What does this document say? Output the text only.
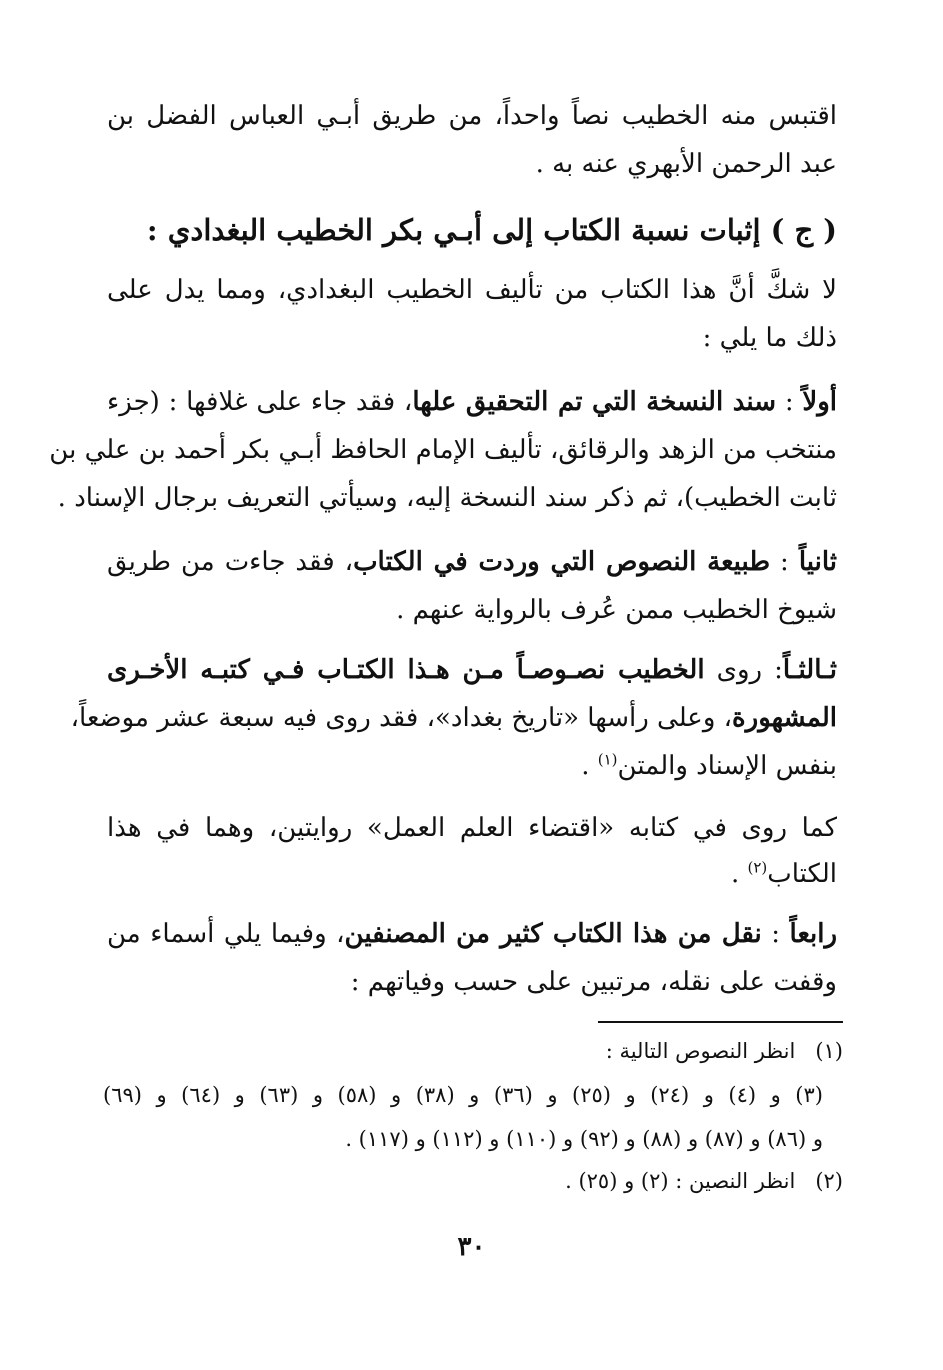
اقتبس منه الخطيب نصاً واحداً، من طريق أبـي العباس الفضل بن
عبد الرحمن الأبهري عنه به .
( ج ) إثبات نسبة الكتاب إلى أبـي بكر الخطيب البغدادي :
لا شكَّ أنَّ هذا الكتاب من تأليف الخطيب البغدادي، ومما يدل على
ذلك ما يلي :
أولاً : سند النسخة التي تم التحقيق علها، فقد جاء على غلافها : (جزء
منتخب من الزهد والرقائق، تأليف الإمام الحافظ أبـي بكر أحمد بن علي بن
ثابت الخطيب)، ثم ذكر سند النسخة إليه، وسيأتي التعريف برجال الإسناد .
ثانياً : طبيعة النصوص التي وردت في الكتاب، فقد جاءت من طريق
شيوخ الخطيب ممن عُرف بالرواية عنهم .
ثـالثـاً: روى الخطيب نصـوصـاً مـن هـذا الكتـاب فـي كتبـه الأخـرى
المشهورة، وعلى رأسها «تاريخ بغداد»، فقد روى فيه سبعة عشر موضعاً،
بنفس الإسناد والمتن$^{(١)}$ .
كما روى في كتابه «اقتضاء العلم العمل» روايتين، وهما في هذا
الكتاب$^{(٢)}$ .
رابعاً : نقل من هذا الكتاب كثير من المصنفين، وفيما يلي أسماء من
وقفت على نقله، مرتبين على حسب وفياتهم :
(١)   انظر النصوص التالية :
(٣) و (٤) و (٢٤) و (٢٥) و (٣٦) و (٣٨) و (٥٨) و (٦٣) و (٦٤) و (٦٩)
و (٨٦) و (٨٧) و (٨٨) و (٩٢) و (١١٠) و (١١٢) و (١١٧) .
(٢)   انظر النصين : (٢) و (٢٥) .
٣٠
